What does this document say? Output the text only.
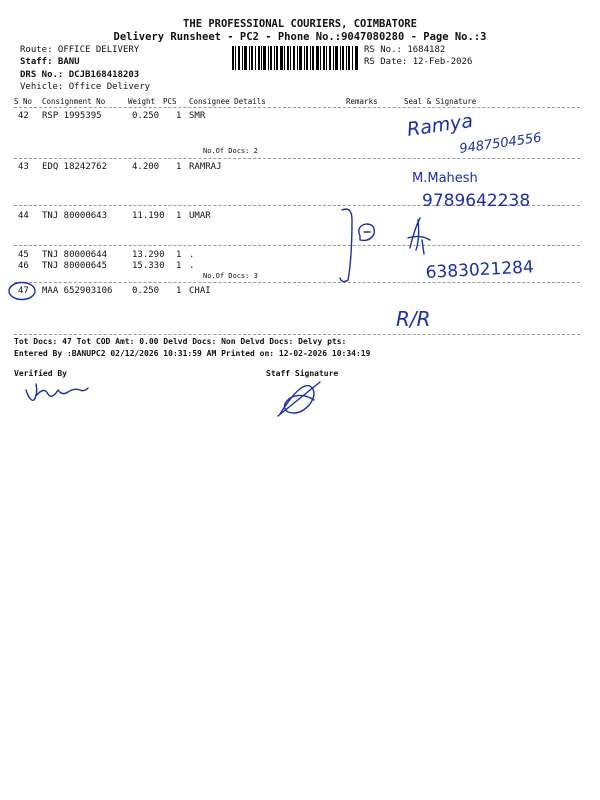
THE PROFESSIONAL COURIERS, COIMBATORE
Delivery Runsheet - PC2 - Phone No.:9047080280 - Page No.:3
Route: OFFICE DELIVERY
Staff: BANU
DRS No.: DCJB168418203
Vehicle: Office Delivery
RS No.: 1684182
RS Date: 12-Feb-2026
S No Consignment No	Weight PCS Consignee Details	Remarks	Seal & Signature
42 RSP 1995395	0.250 1 SMR
No.Of Docs: 2
43 EDQ 18242762	4.200 1 RAMRAJ
44 TNJ 80000643	11.190 1 UMAR
45 TNJ 80000644	13.290 1 .
46 TNJ 80000645	15.330 1 .
No.Of Docs: 3
47 MAA 652903106 0.250 1 CHAI
Ramya
9487504556
M.Mahesh
9789642238
6383021284
R/R
Tot Docs: 47 Tot COD Amt: 0.00 Delvd Docs: Non Delvd Docs: Delvy pts:
Entered By :BANUPC2 02/12/2026 10:31:59 AM Printed on: 12-02-2026 10:34:19
Verified By	Staff Signature
